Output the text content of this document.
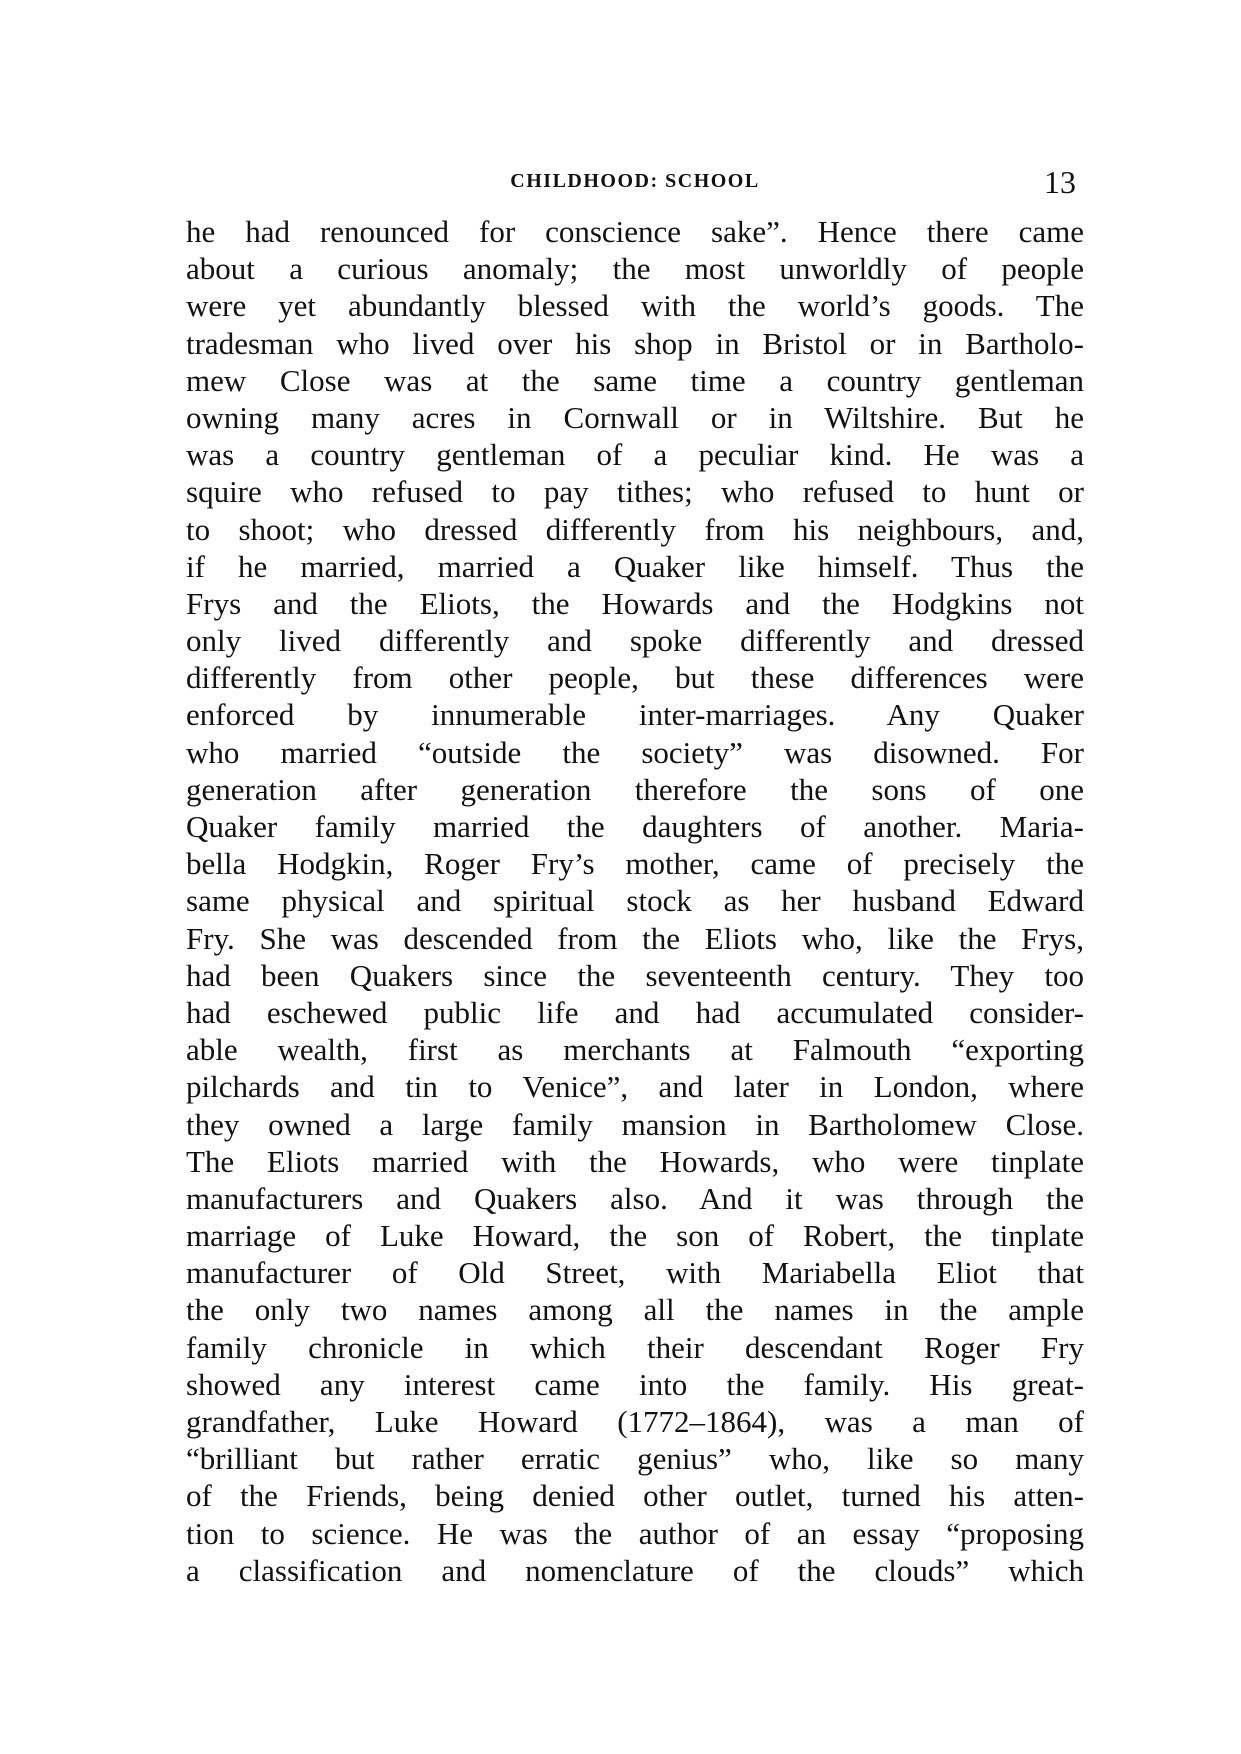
CHILDHOOD: SCHOOL	13
he had renounced for conscience sake”. Hence there came
about a curious anomaly; the most unworldly of people
were yet abundantly blessed with the world’s goods. The
tradesman who lived over his shop in Bristol or in Bartholo-
mew Close was at the same time a country gentleman
owning many acres in Cornwall or in Wiltshire. But he
was a country gentleman of a peculiar kind. He was a
squire who refused to pay tithes; who refused to hunt or
to shoot; who dressed differently from his neighbours, and,
if he married, married a Quaker like himself. Thus the
Frys and the Eliots, the Howards and the Hodgkins not
only lived differently and spoke differently and dressed
differently from other people, but these differences were
enforced by innumerable inter-marriages. Any Quaker
who married “outside the society” was disowned. For
generation after generation therefore the sons of one
Quaker family married the daughters of another. Maria-
bella Hodgkin, Roger Fry’s mother, came of precisely the
same physical and spiritual stock as her husband Edward
Fry. She was descended from the Eliots who, like the Frys,
had been Quakers since the seventeenth century. They too
had eschewed public life and had accumulated consider-
able wealth, first as merchants at Falmouth “exporting
pilchards and tin to Venice”, and later in London, where
they owned a large family mansion in Bartholomew Close.
The Eliots married with the Howards, who were tinplate
manufacturers and Quakers also. And it was through the
marriage of Luke Howard, the son of Robert, the tinplate
manufacturer of Old Street, with Mariabella Eliot that
the only two names among all the names in the ample
family chronicle in which their descendant Roger Fry
showed any interest came into the family. His great-
grandfather, Luke Howard (1772–1864), was a man of
“brilliant but rather erratic genius” who, like so many
of the Friends, being denied other outlet, turned his atten-
tion to science. He was the author of an essay “proposing
a classification and nomenclature of the clouds” which
